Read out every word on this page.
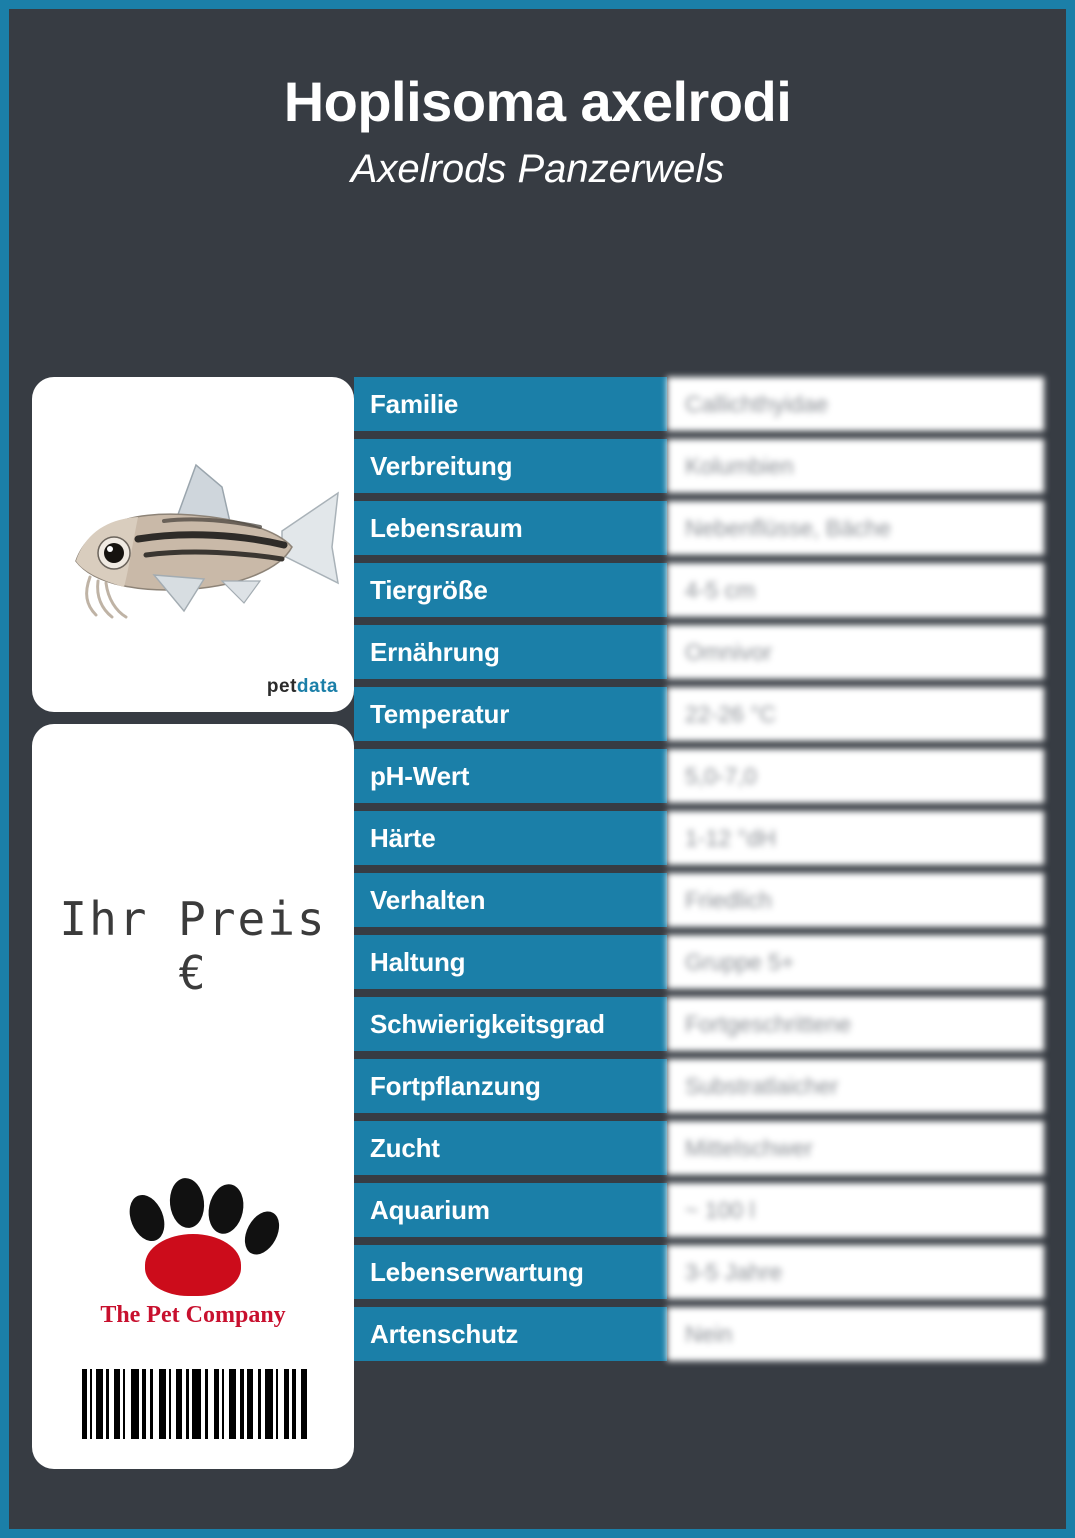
Hoplisoma axelrodi
Axelrods Panzerwels
petdata
Ihr Preis €
The Pet Company
Familie	Callichthyidae
Verbreitung	Kolumbien
Lebensraum	Nebenflüsse, Bäche
Tiergröße	4-5 cm
Ernährung	Omnivor
Temperatur	22-26 °C
pH-Wert	5,0-7,0
Härte	1-12 °dH
Verhalten	Friedlich
Haltung	Gruppe 5+
Schwierigkeitsgrad	Fortgeschrittene
Fortpflanzung	Substratlaicher
Zucht	Mittelschwer
Aquarium	~ 100 l
Lebenserwartung	3-5 Jahre
Artenschutz	Nein
